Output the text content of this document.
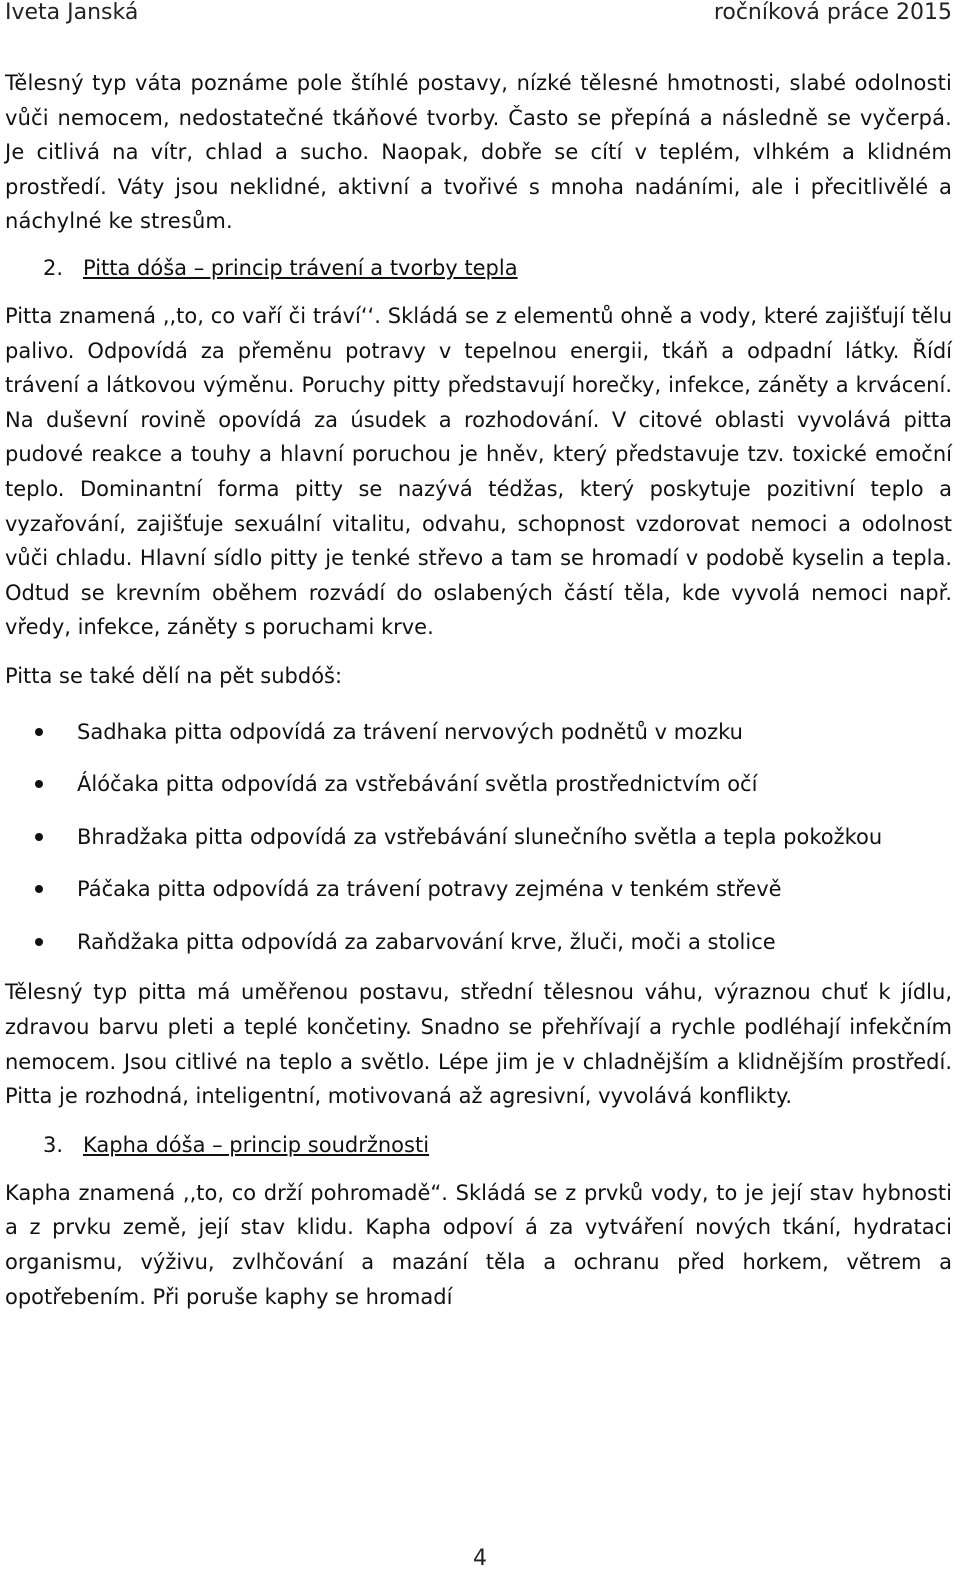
Iveta Janská	ročníková práce 2015

Tělesný typ váta poznáme pole štíhlé postavy, nízké tělesné hmotnosti, slabé odolnosti vůči nemocem, nedostatečné tkáňové tvorby. Často se přepíná a následně se vyčerpá. Je citlivá na vítr, chlad a sucho. Naopak, dobře se cítí v teplém, vlhkém a klidném prostředí. Váty jsou neklidné, aktivní a tvořivé s mnoha nadáními, ale i přecitlivělé a náchylné ke stresům.

2. Pitta dóša – princip trávení a tvorby tepla

Pitta znamená ,,to, co vaří či tráví‘‘. Skládá se z elementů ohně a vody, které zajišťují tělu palivo. Odpovídá za přeměnu potravy v tepelnou energii, tkáň a odpadní látky. Řídí trávení a látkovou výměnu. Poruchy pitty představují horečky, infekce, záněty a krvácení. Na duševní rovině opovídá za úsudek a rozhodování. V citové oblasti vyvolává pitta pudové reakce a touhy a hlavní poruchou je hněv, který představuje tzv. toxické emoční teplo. Dominantní forma pitty se nazývá tédžas, který poskytuje pozitivní teplo a vyzařování, zajišťuje sexuální vitalitu, odvahu, schopnost vzdorovat nemoci a odolnost vůči chladu. Hlavní sídlo pitty je tenké střevo a tam se hromadí v podobě kyselin a tepla. Odtud se krevním oběhem rozvádí do oslabených částí těla, kde vyvolá nemoci např. vředy, infekce, záněty s poruchami krve.

Pitta se také dělí na pět subdóš:

Sadhaka pitta odpovídá za trávení nervových podnětů v mozku
Álóčaka pitta odpovídá za vstřebávání světla prostřednictvím očí
Bhradžaka pitta odpovídá za vstřebávání slunečního světla a tepla pokožkou
Páčaka pitta odpovídá za trávení potravy zejména v tenkém střevě
Raňdžaka pitta odpovídá za zabarvování krve, žluči, moči a stolice

Tělesný typ pitta má uměřenou postavu, střední tělesnou váhu, výraznou chuť k jídlu, zdravou barvu pleti a teplé končetiny. Snadno se přehřívají a rychle podléhají infekčním nemocem. Jsou citlivé na teplo a světlo. Lépe jim je v chladnějším a klidnějším prostředí. Pitta je rozhodná, inteligentní, motivovaná až agresivní, vyvolává konflikty.

3. Kapha dóša – princip soudržnosti

Kapha znamená ,,to, co drží pohromadě“. Skládá se z prvků vody, to je její stav hybnosti a z prvku země, její stav klidu. Kapha odpoví á za vytváření nových tkání, hydrataci organismu, výživu, zvlhčování a mazání těla a ochranu před horkem, větrem a opotřebením. Při poruše kaphy se hromadí

4
